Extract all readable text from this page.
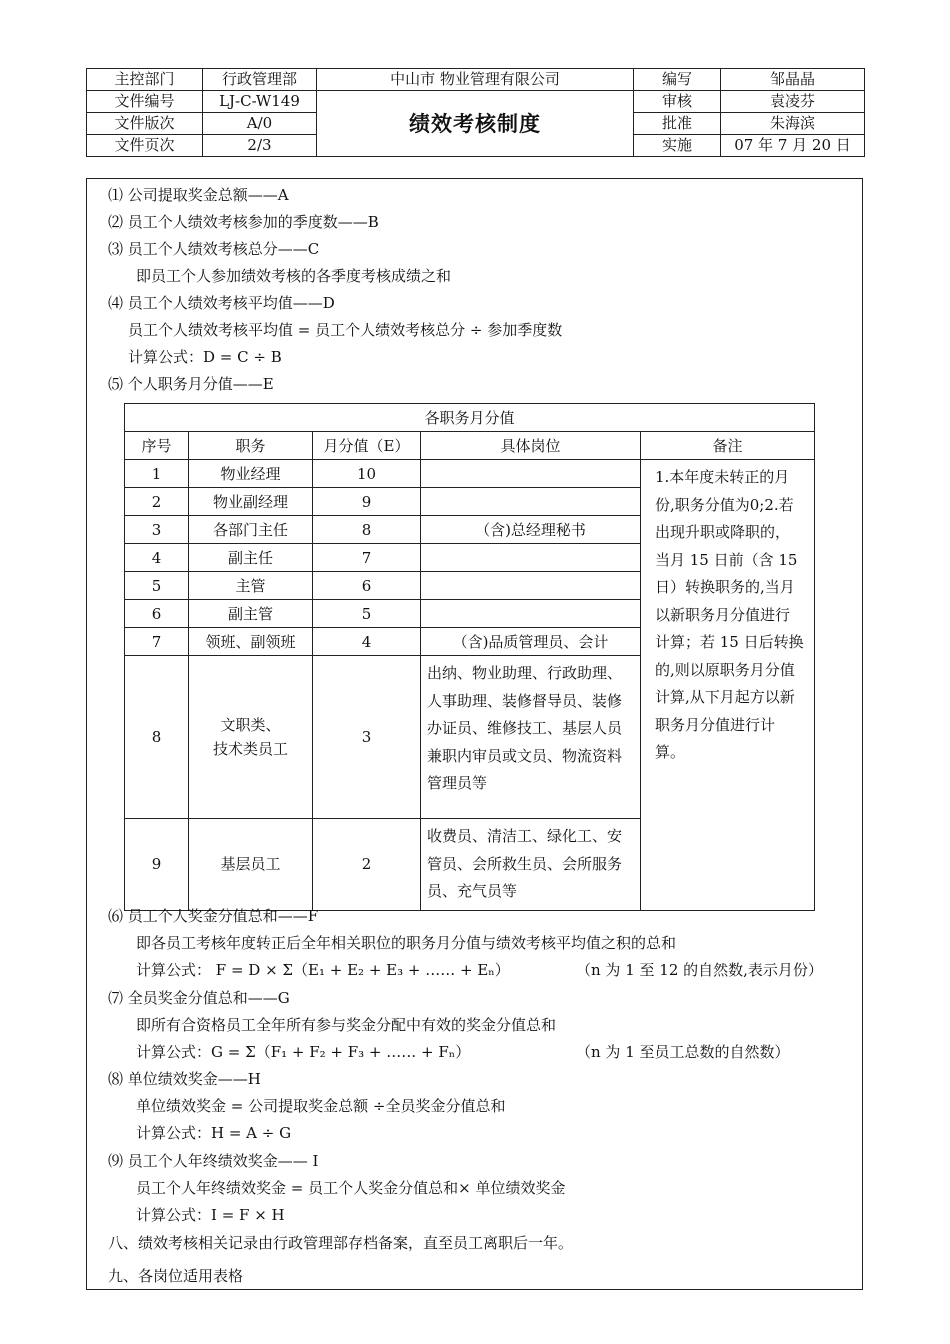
主控部门	行政管理部	中山市 物业管理有限公司	编写	邹晶晶
文件编号	LJ-C-W149	绩效考核制度	审核	袁凌芬
文件版次	A/0		批准	朱海滨
文件页次	2/3		实施	07 年 7 月 20 日
⑴ 公司提取奖金总额——A
⑵ 员工个人绩效考核参加的季度数——B
⑶ 员工个人绩效考核总分——C
即员工个人参加绩效考核的各季度考核成绩之和
⑷ 员工个人绩效考核平均值——D
员工个人绩效考核平均值 = 员工个人绩效考核总分 ÷ 参加季度数
计算公式：D = C ÷ B
⑸ 个人职务月分值——E
各职务月分值				
序号	职务	月分值（E）	具体岗位	备注
1	物业经理	10		1.本年度未转正的月份,职务分值为0;2.若出现升职或降职的，当月 15 日前（含 15 日）转换职务的,当月以新职务月分值进行计算；若 15 日后转换的,则以原职务月分值计算,从下月起方以新职务月分值进行计算。
2	物业副经理	9		
3	各部门主任	8	（含)总经理秘书	
4	副主任	7		
5	主管	6		
6	副主管	5		
7	领班、副领班	4	（含)品质管理员、会计	
8	文职类、
技术类员工	3	出纳、物业助理、行政助理、人事助理、装修督导员、装修办证员、维修技工、基层人员兼职内审员或文员、物流资料管理员等	
9	基层员工	2	收费员、清洁工、绿化工、安管员、会所救生员、会所服务员、充气员等	
⑹ 员工个人奖金分值总和——F
即各员工考核年度转正后全年相关职位的职务月分值与绩效考核平均值之积的总和
计算公式： F = D × Σ（E₁ + E₂ + E₃ + …… + Eₙ）	（n 为 1 至 12 的自然数,表示月份）
⑺ 全员奖金分值总和——G
即所有合资格员工全年所有参与奖金分配中有效的奖金分值总和
计算公式：G = Σ（F₁ + F₂ + F₃ + …… + Fₙ）	（n 为 1 至员工总数的自然数）
⑻ 单位绩效奖金——H
单位绩效奖金 = 公司提取奖金总额 ÷全员奖金分值总和
计算公式：H = A ÷ G
⑼ 员工个人年终绩效奖金—— I
员工个人年终绩效奖金 = 员工个人奖金分值总和× 单位绩效奖金
计算公式：I = F × H
八、绩效考核相关记录由行政管理部存档备案，直至员工离职后一年。
九、各岗位适用表格
